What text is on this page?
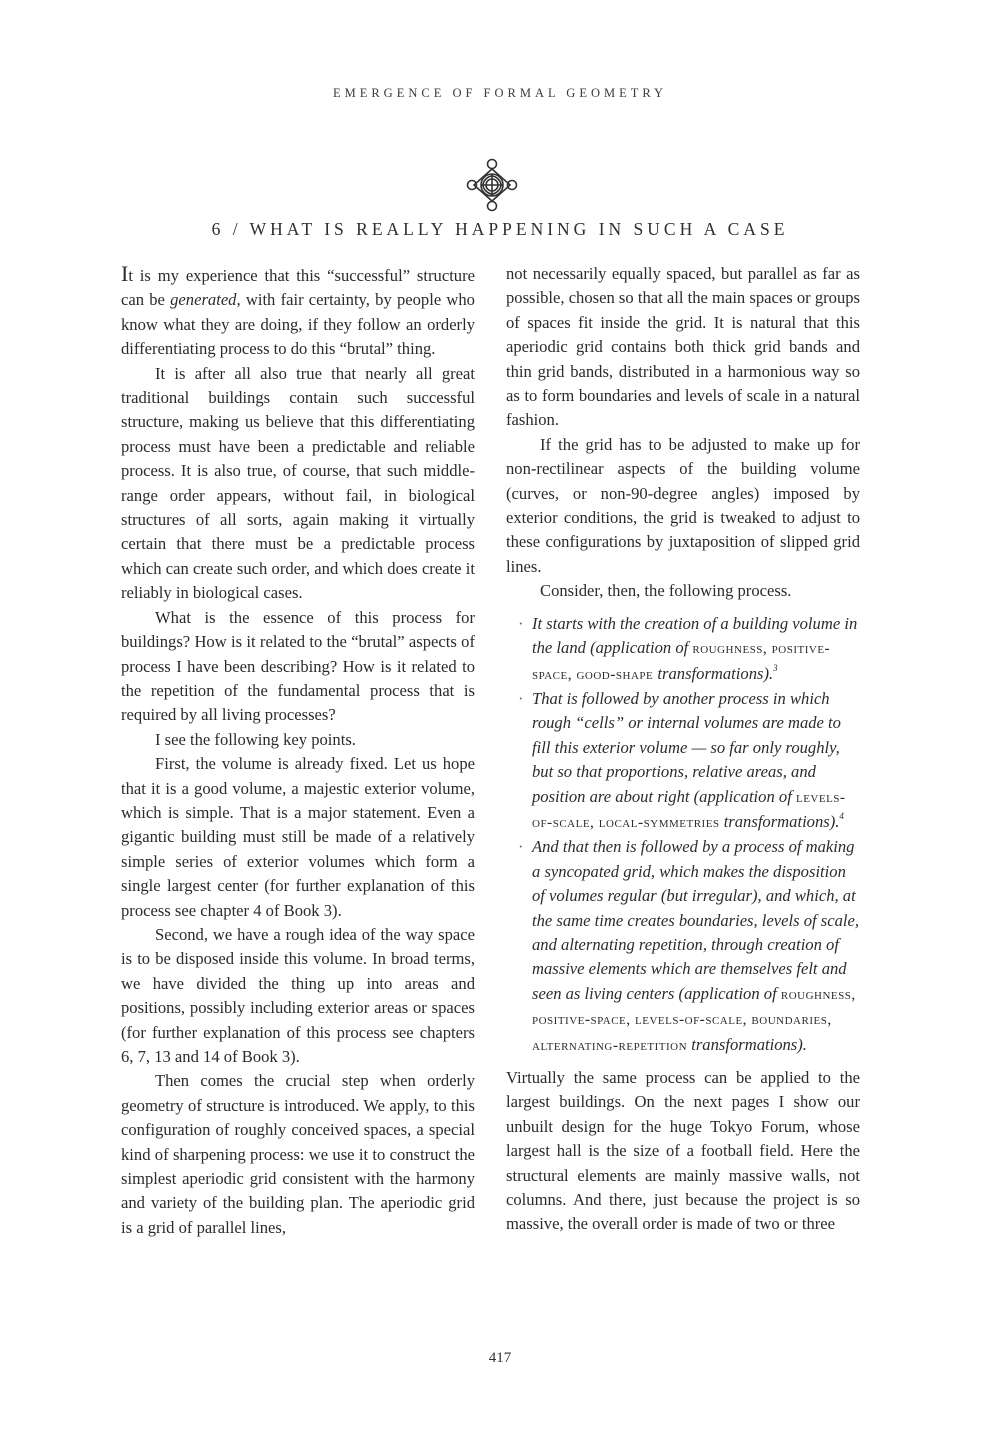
EMERGENCE OF FORMAL GEOMETRY
6 / WHAT IS REALLY HAPPENING IN SUCH A CASE

It is my experience that this “successful” structure can be generated, with fair certainty, by people who know what they are doing, if they follow an orderly differentiating process to do this “brutal” thing.

It is after all also true that nearly all great traditional buildings contain such successful structure, making us believe that this differentiating process must have been a predictable and reliable process. It is also true, of course, that such middle-range order appears, without fail, in biological structures of all sorts, again making it virtually certain that there must be a predictable process which can create such order, and which does create it reliably in biological cases.

What is the essence of this process for buildings? How is it related to the “brutal” aspects of process I have been describing? How is it related to the repetition of the fundamental process that is required by all living processes?

I see the following key points.

First, the volume is already fixed. Let us hope that it is a good volume, a majestic exterior volume, which is simple. That is a major statement. Even a gigantic building must still be made of a relatively simple series of exterior volumes which form a single largest center (for further explanation of this process see chapter 4 of Book 3).

Second, we have a rough idea of the way space is to be disposed inside this volume. In broad terms, we have divided the thing up into areas and positions, possibly including exterior areas or spaces (for further explanation of this process see chapters 6, 7, 13 and 14 of Book 3).

Then comes the crucial step when orderly geometry of structure is introduced. We apply, to this configuration of roughly conceived spaces, a special kind of sharpening process: we use it to construct the simplest aperiodic grid consistent with the harmony and variety of the building plan. The aperiodic grid is a grid of parallel lines,

not necessarily equally spaced, but parallel as far as possible, chosen so that all the main spaces or groups of spaces fit inside the grid. It is natural that this aperiodic grid contains both thick grid bands and thin grid bands, distributed in a harmonious way so as to form boundaries and levels of scale in a natural fashion.

If the grid has to be adjusted to make up for non-rectilinear aspects of the building volume (curves, or non-90-degree angles) imposed by exterior conditions, the grid is tweaked to adjust to these configurations by juxtaposition of slipped grid lines.

Consider, then, the following process.

· It starts with the creation of a building volume in the land (application of roughness, positive-space, good-shape transformations).$^3$
· That is followed by another process in which rough “cells” or internal volumes are made to fill this exterior volume — so far only roughly, but so that proportions, relative areas, and position are about right (application of levels-of-scale, local-symmetries transformations).$^4$
· And that then is followed by a process of making a syncopated grid, which makes the disposition of volumes regular (but irregular), and which, at the same time creates boundaries, levels of scale, and alternating repetition, through creation of massive elements which are themselves felt and seen as living centers (application of roughness, positive-space, levels-of-scale, boundaries, alternating-repetition transformations).

Virtually the same process can be applied to the largest buildings. On the next pages I show our unbuilt design for the huge Tokyo Forum, whose largest hall is the size of a football field. Here the structural elements are mainly massive walls, not columns. And there, just because the project is so massive, the overall order is made of two or three

417
